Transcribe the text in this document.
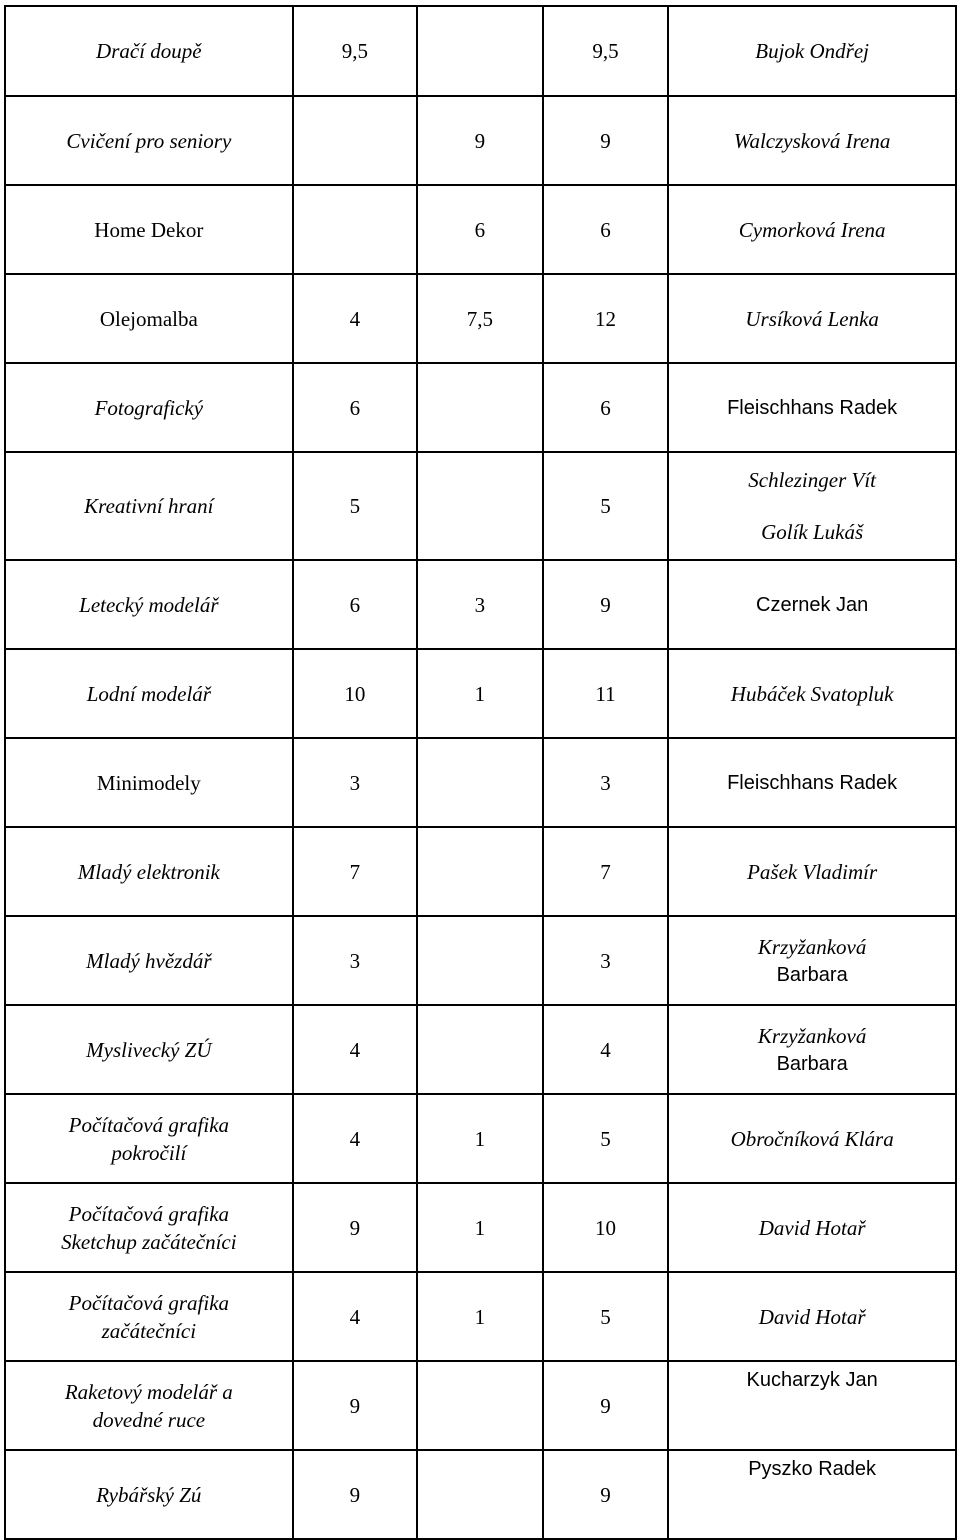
Dračí doupě	9,5		9,5	Bujok Ondřej

Cvičení pro seniory		9	9	Walczysková Irena

Home Dekor		6	6	Cymorková Irena

Olejomalba	4	7,5	12	Ursíková Lenka

Fotografický	6		6	Fleischhans Radek

Kreativní hraní	5		5	Schlezinger Vít
Golík Lukáš

Letecký modelář	6	3	9	Czernek Jan

Lodní modelář	10	1	11	Hubáček Svatopluk

Minimodely	3		3	Fleischhans Radek

Mladý elektronik	7		7	Pašek Vladimír

Mladý hvězdář	3		3	Krzyžanková
Barbara

Myslivecký ZÚ	4		4	Krzyžanková
Barbara

Počítačová grafika
pokročilí	4	1	5	Obročníková Klára

Počítačová grafika
Sketchup začátečníci	9	1	10	David Hotař

Počítačová grafika
začátečníci	4	1	5	David Hotař

Raketový modelář a
dovedné ruce	9		9	Kucharzyk Jan

Rybářský Zú	9		9	Pyszko Radek
